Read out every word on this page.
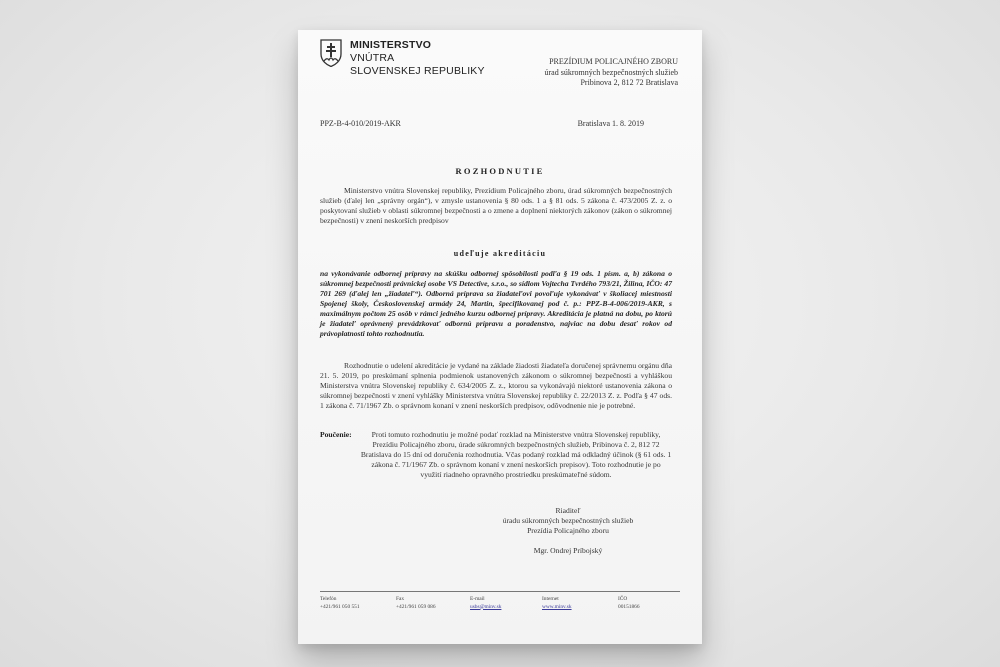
MINISTERSTVO
VNÚTRA
SLOVENSKEJ REPUBLIKY
PREZÍDIUM POLICAJNÉHO ZBORU
úrad súkromných bezpečnostných služieb
Pribinova 2, 812 72 Bratislava
PPZ-B-4-010/2019-AKR	Bratislava 1. 8. 2019
ROZHODNUTIE
Ministerstvo vnútra Slovenskej republiky, Prezídium Policajného zboru, úrad súkromných bezpečnostných služieb (ďalej len „správny orgán“), v zmysle ustanovenia § 80 ods. 1 a § 81 ods. 5 zákona č. 473/2005 Z. z. o poskytovaní služieb v oblasti súkromnej bezpečnosti a o zmene a doplnení niektorých zákonov (zákon o súkromnej bezpečnosti) v znení neskorších predpisov
udeľuje akreditáciu
na vykonávanie odbornej prípravy na skúšku odbornej spôsobilosti podľa § 19 ods. 1 písm. a, b) zákona o súkromnej bezpečnosti právnickej osobe VS Detective, s.r.o., so sídlom Vojtecha Tvrdého 793/21, Žilina, IČO: 47 701 269 (ďalej len „žiadateľ“). Odborná príprava sa žiadateľovi povoľuje vykonávať v školiacej miestnosti Spojenej školy, Československej armády 24, Martin, špecifikovanej pod č. p.: PPZ-B-4-006/2019-AKR, s maximálnym počtom 25 osôb v rámci jedného kurzu odbornej prípravy. Akreditácia je platná na dobu, po ktorú je žiadateľ oprávnený prevádzkovať odbornú prípravu a poradenstvo, najviac na dobu desať rokov od právoplatnosti tohto rozhodnutia.
Rozhodnutie o udelení akreditácie je vydané na základe žiadosti žiadateľa doručenej správnemu orgánu dňa 21. 5. 2019, po preskúmaní splnenia podmienok ustanovených zákonom o súkromnej bezpečnosti a vyhláškou Ministerstva vnútra Slovenskej republiky č. 634/2005 Z. z., ktorou sa vykonávajú niektoré ustanovenia zákona o súkromnej bezpečnosti v znení vyhlášky Ministerstva vnútra Slovenskej republiky č. 22/2013 Z. z. Podľa § 47 ods. 1 zákona č. 71/1967 Zb. o správnom konaní v znení neskorších predpisov, odôvodnenie nie je potrebné.
Poučenie:	Proti tomuto rozhodnutiu je možné podať rozklad na Ministerstve vnútra Slovenskej republiky, Prezídiu Policajného zboru, úrade súkromných bezpečnostných služieb, Pribinova č. 2, 812 72 Bratislava do 15 dní od doručenia rozhodnutia. Včas podaný rozklad má odkladný účinok (§ 61 ods. 1 zákona č. 71/1967 Zb. o správnom konaní v znení neskorších prepisov). Toto rozhodnutie je po využití riadneho opravného prostriedku preskúmateľné súdom.
Riaditeľ
úradu súkromných bezpečnostných služieb
Prezídia Policajného zboru
Mgr. Ondrej Príbojský
Telefón
+421/961 050 551
Fax
+421/961 059 086
E-mail
usbs@minv.sk
Internet
www.minv.sk
IČO
00151866
